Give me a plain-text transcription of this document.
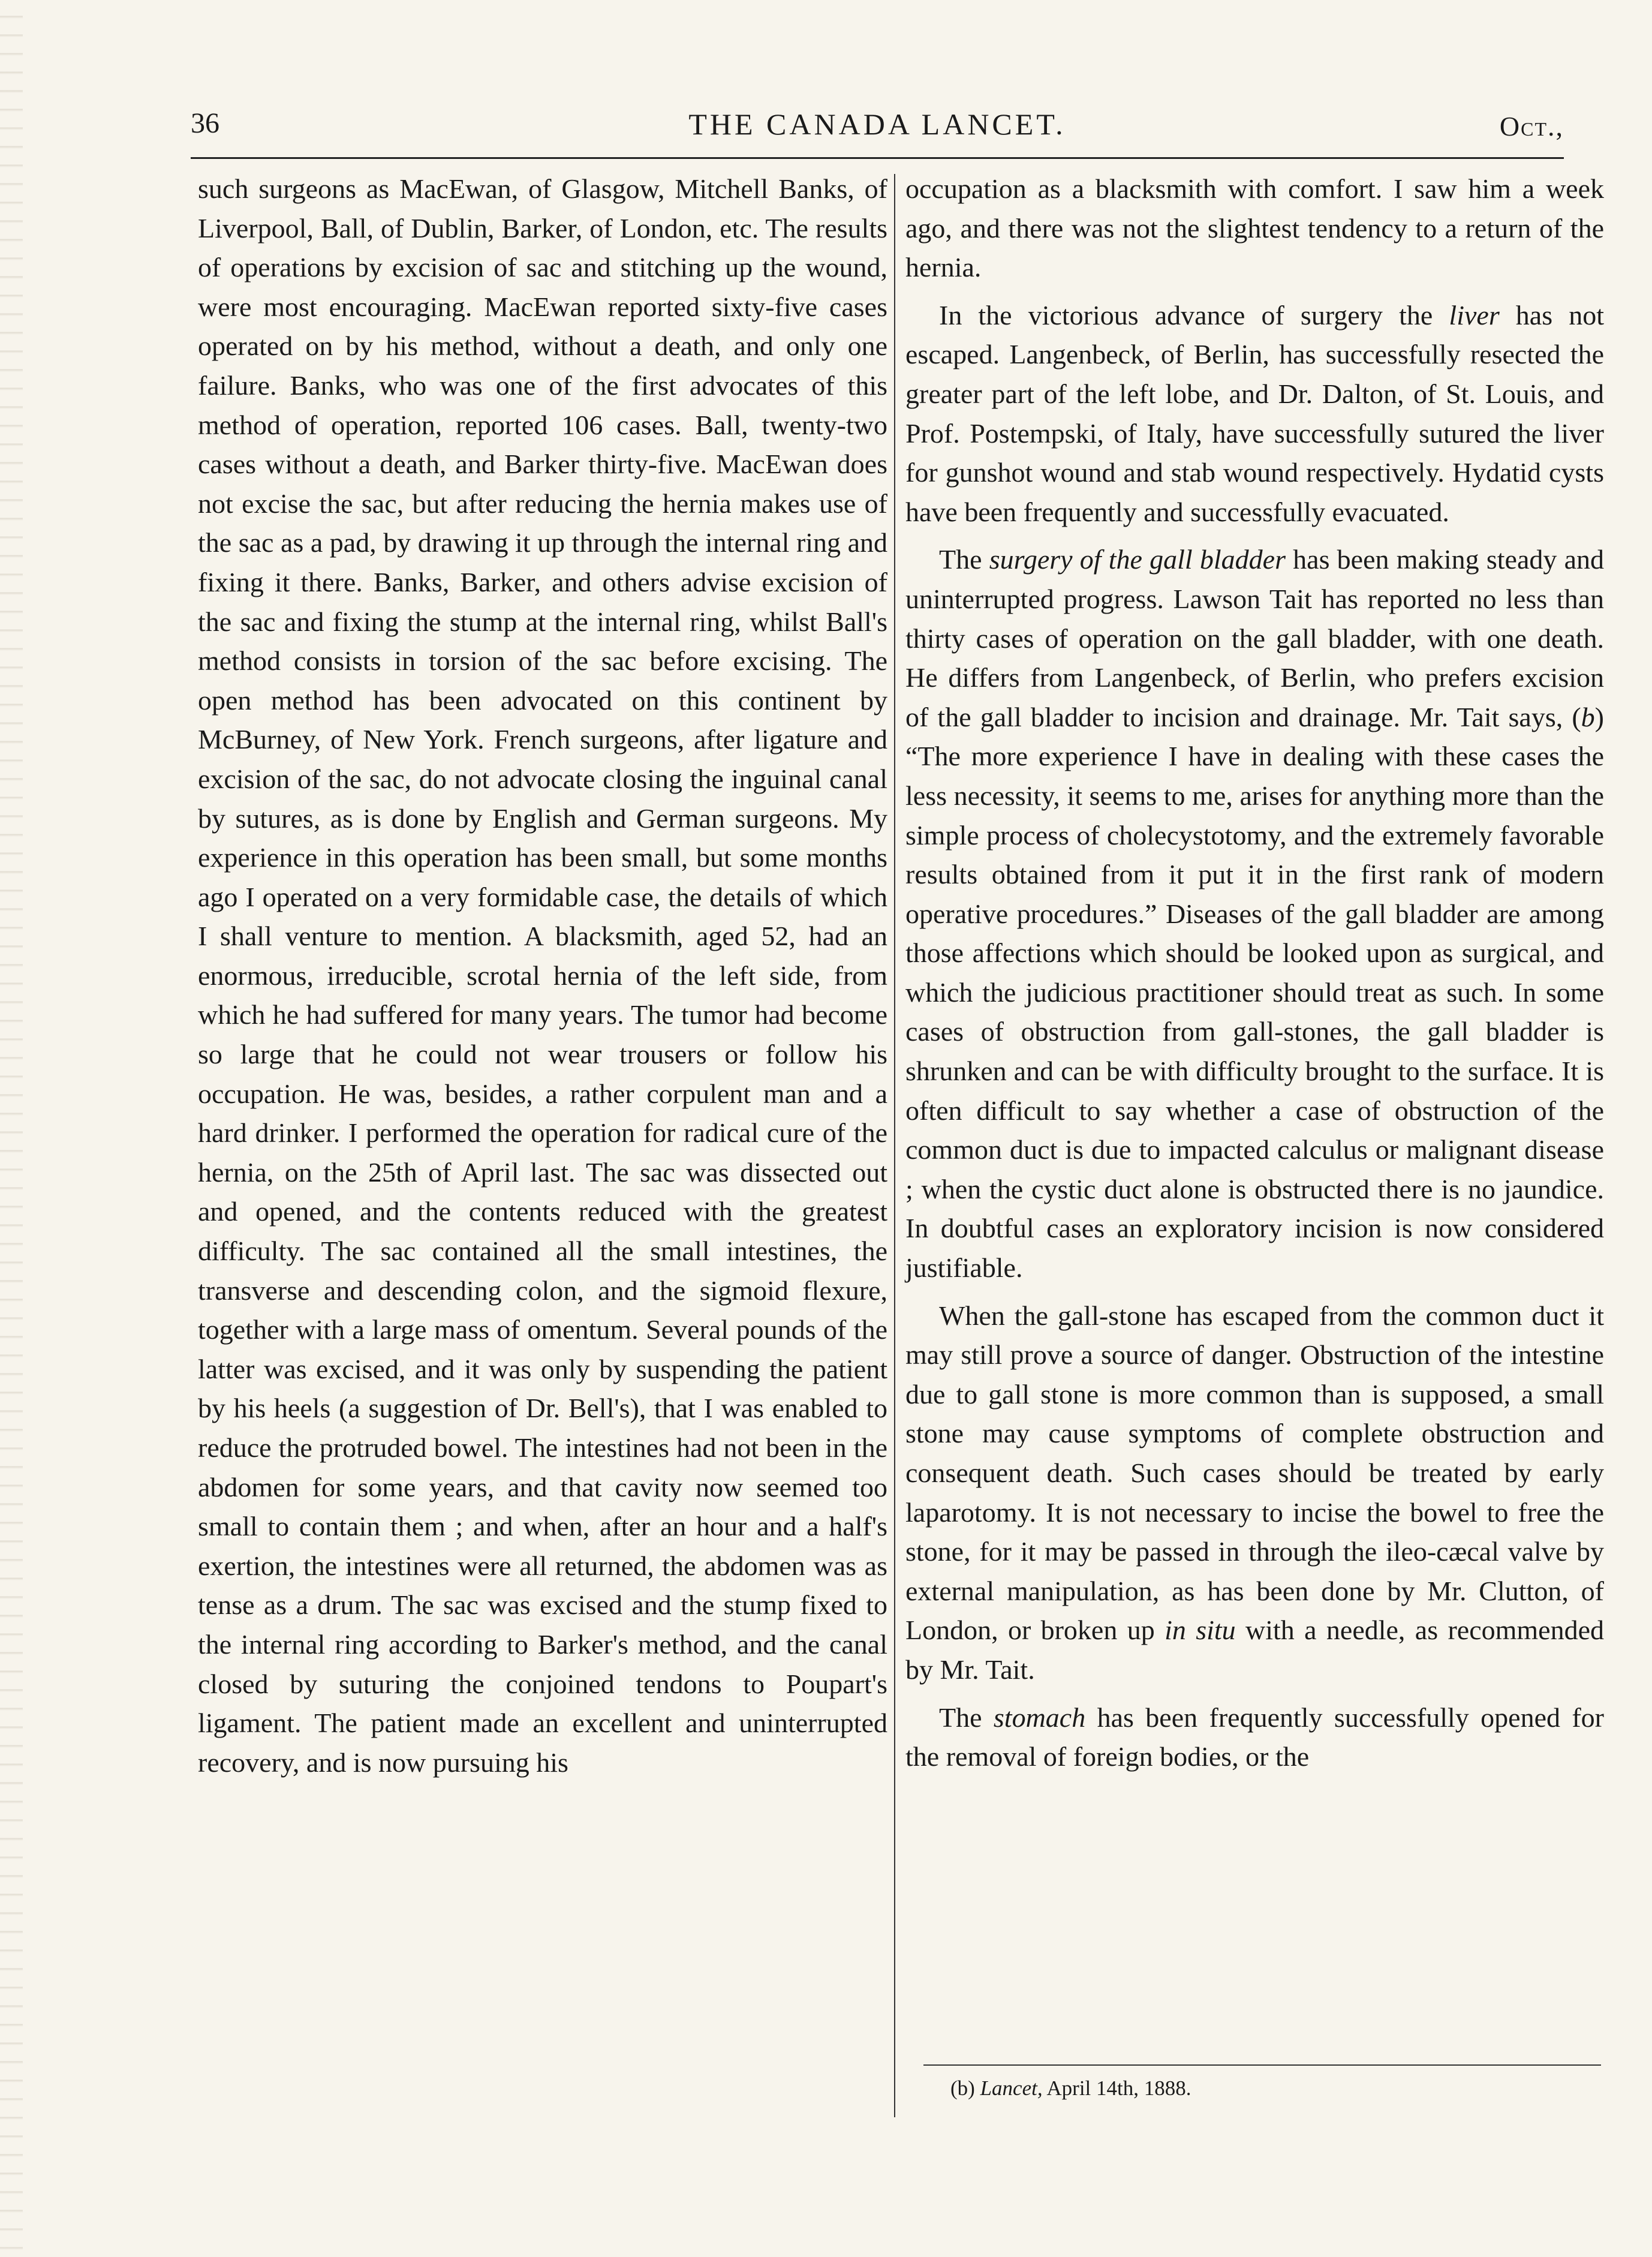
36	THE CANADA LANCET.	Oct.,

such surgeons as MacEwan, of Glasgow, Mitchell Banks, of Liverpool, Ball, of Dublin, Barker, of London, etc. The results of operations by excision of sac and stitching up the wound, were most encouraging. MacEwan reported sixty-five cases operated on by his method, without a death, and only one failure. Banks, who was one of the first advocates of this method of operation, reported 106 cases. Ball, twenty-two cases without a death, and Barker thirty-five. MacEwan does not excise the sac, but after reducing the hernia makes use of the sac as a pad, by drawing it up through the internal ring and fixing it there. Banks, Barker, and others advise excision of the sac and fixing the stump at the internal ring, whilst Ball's method consists in torsion of the sac before excising. The open method has been advocated on this continent by McBurney, of New York. French surgeons, after ligature and excision of the sac, do not advocate closing the inguinal canal by sutures, as is done by English and German surgeons. My experience in this operation has been small, but some months ago I operated on a very formidable case, the details of which I shall venture to mention. A blacksmith, aged 52, had an enormous, irreducible, scrotal hernia of the left side, from which he had suffered for many years. The tumor had become so large that he could not wear trousers or follow his occupation. He was, besides, a rather corpulent man and a hard drinker. I performed the operation for radical cure of the hernia, on the 25th of April last. The sac was dissected out and opened, and the contents reduced with the greatest difficulty. The sac contained all the small intestines, the transverse and descending colon, and the sigmoid flexure, together with a large mass of omentum. Several pounds of the latter was excised, and it was only by suspending the patient by his heels (a suggestion of Dr. Bell's), that I was enabled to reduce the protruded bowel. The intestines had not been in the abdomen for some years, and that cavity now seemed too small to contain them ; and when, after an hour and a half's exertion, the intestines were all returned, the abdomen was as tense as a drum. The sac was excised and the stump fixed to the internal ring according to Barker's method, and the canal closed by suturing the conjoined tendons to Poupart's ligament. The patient made an excellent and uninterrupted recovery, and is now pursuing his

occupation as a blacksmith with comfort. I saw him a week ago, and there was not the slightest tendency to a return of the hernia.

In the victorious advance of surgery the liver has not escaped. Langenbeck, of Berlin, has successfully resected the greater part of the left lobe, and Dr. Dalton, of St. Louis, and Prof. Postempski, of Italy, have successfully sutured the liver for gunshot wound and stab wound respectively. Hydatid cysts have been frequently and successfully evacuated.

The surgery of the gall bladder has been making steady and uninterrupted progress. Lawson Tait has reported no less than thirty cases of operation on the gall bladder, with one death. He differs from Langenbeck, of Berlin, who prefers excision of the gall bladder to incision and drainage. Mr. Tait says, (b) “The more experience I have in dealing with these cases the less necessity, it seems to me, arises for anything more than the simple process of cholecystotomy, and the extremely favorable results obtained from it put it in the first rank of modern operative procedures.” Diseases of the gall bladder are among those affections which should be looked upon as surgical, and which the judicious practitioner should treat as such. In some cases of obstruction from gall-stones, the gall bladder is shrunken and can be with difficulty brought to the surface. It is often difficult to say whether a case of obstruction of the common duct is due to impacted calculus or malignant disease ; when the cystic duct alone is obstructed there is no jaundice. In doubtful cases an exploratory incision is now considered justifiable.

When the gall-stone has escaped from the common duct it may still prove a source of danger. Obstruction of the intestine due to gall stone is more common than is supposed, a small stone may cause symptoms of complete obstruction and consequent death. Such cases should be treated by early laparotomy. It is not necessary to incise the bowel to free the stone, for it may be passed in through the ileo-cæcal valve by external manipulation, as has been done by Mr. Clutton, of London, or broken up in situ with a needle, as recommended by Mr. Tait.

The stomach has been frequently successfully opened for the removal of foreign bodies, or the

(b) Lancet, April 14th, 1888.
